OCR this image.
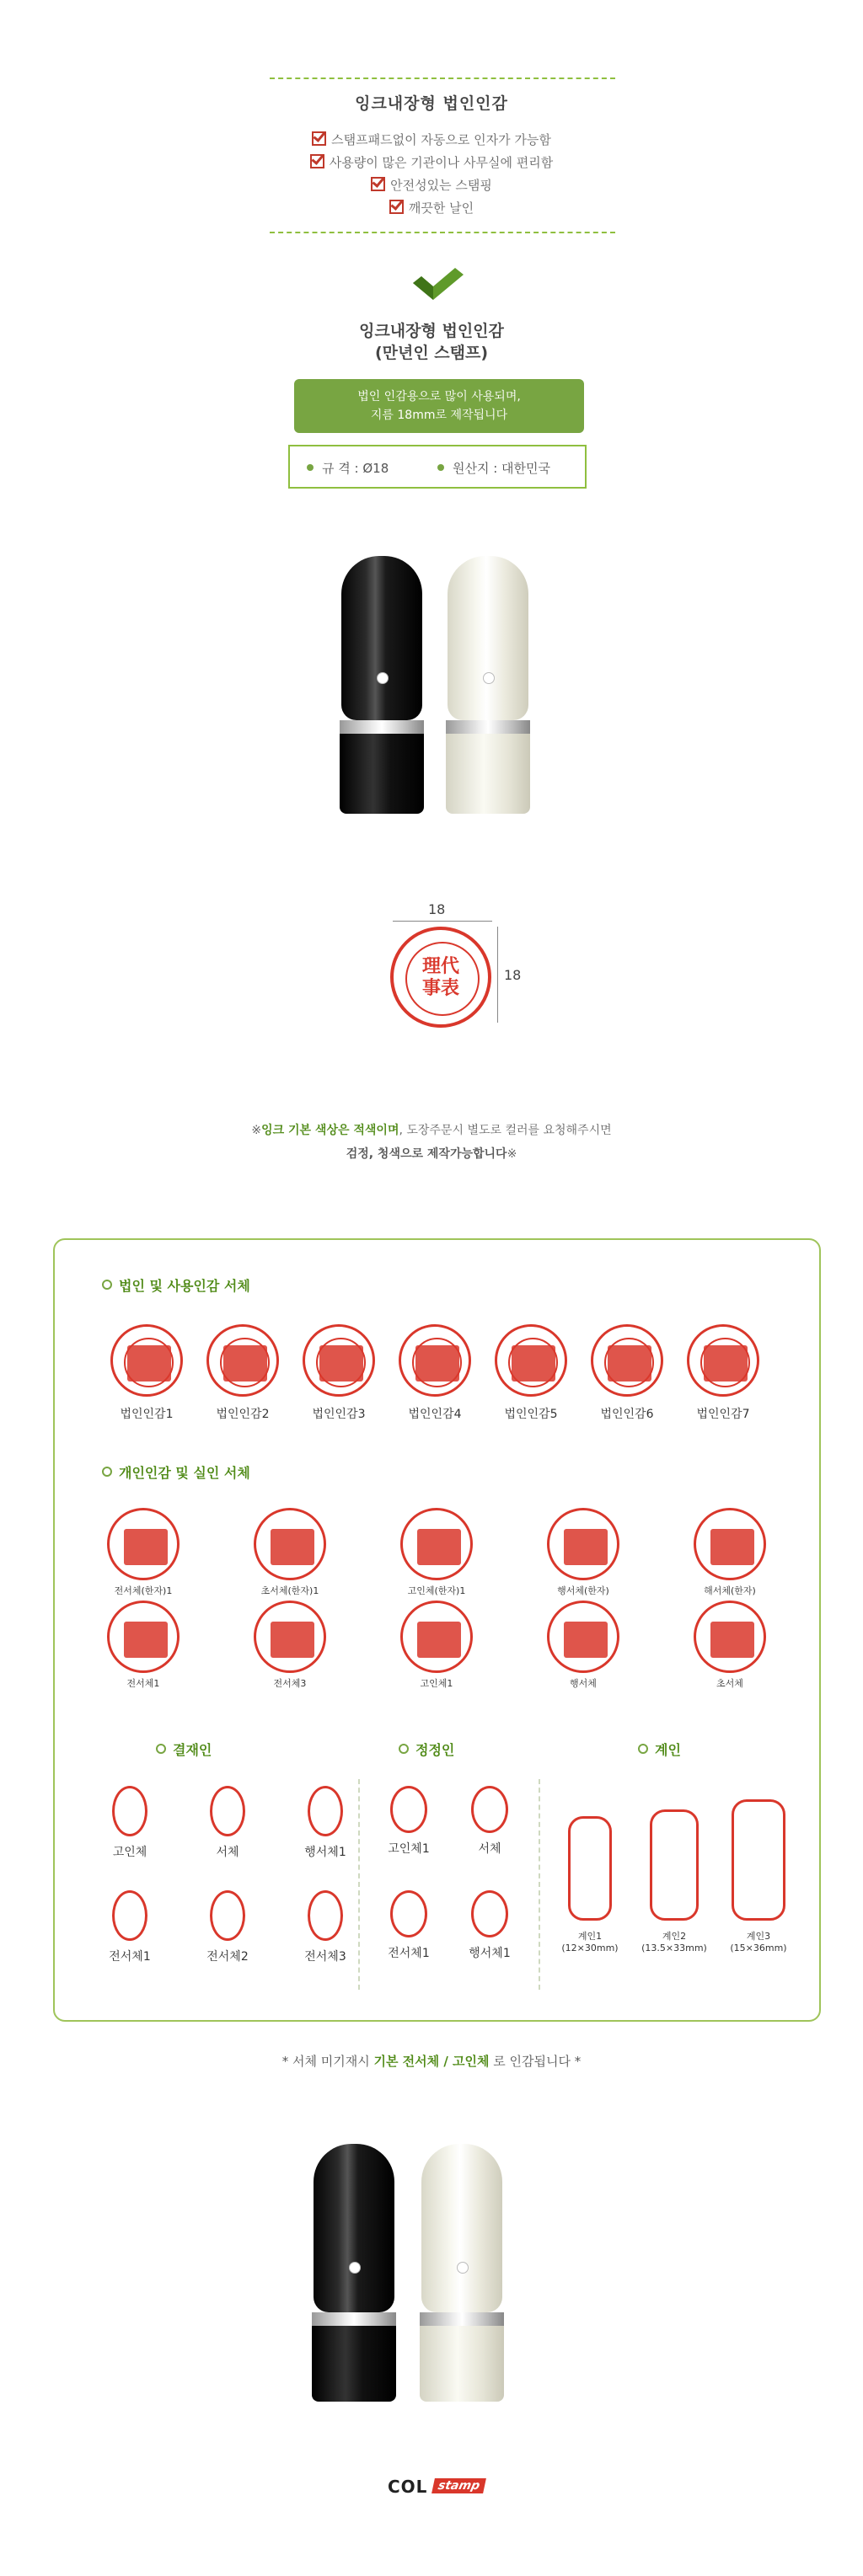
잉크내장형 법인인감
스탬프패드없이 자동으로 인자가 가능함
사용량이 많은 기관이나 사무실에 편리함
안전성있는 스탬핑
깨끗한 날인
잉크내장형 법인인감
(만년인 스탬프)
법인 인감용으로 많이 사용되며,
지름 18mm로 제작됩니다
규 격 : Ø18	원산지 : 대한민국
18
18
理代
事表
※잉크 기본 색상은 적색이며, 도장주문시 별도로 컬러를 요청해주시면
검정, 청색으로 제작가능합니다※
법인 및 사용인감 서체
개인인감 및 실인 서체
결재인	정정인	계인
법인인감1	법인인감2	법인인감3	법인인감4	법인인감5	법인인감6	법인인감7
전서체(한자)1	초서체(한자)1	고인체(한자)1	행서체(한자)	해서체(한자)
전서체1	전서체3	고인체1	행서체	초서체
고인체	서체	행서체1
전서체1	전서체2	전서체3
고인체1	서체
전서체1	행서체1
계인1
(12×30mm)
계인2
(13.5×33mm)
계인3
(15×36mm)
* 서체 미기재시 기본 전서체 / 고인체 로 인감됩니다 *
COL stamp
